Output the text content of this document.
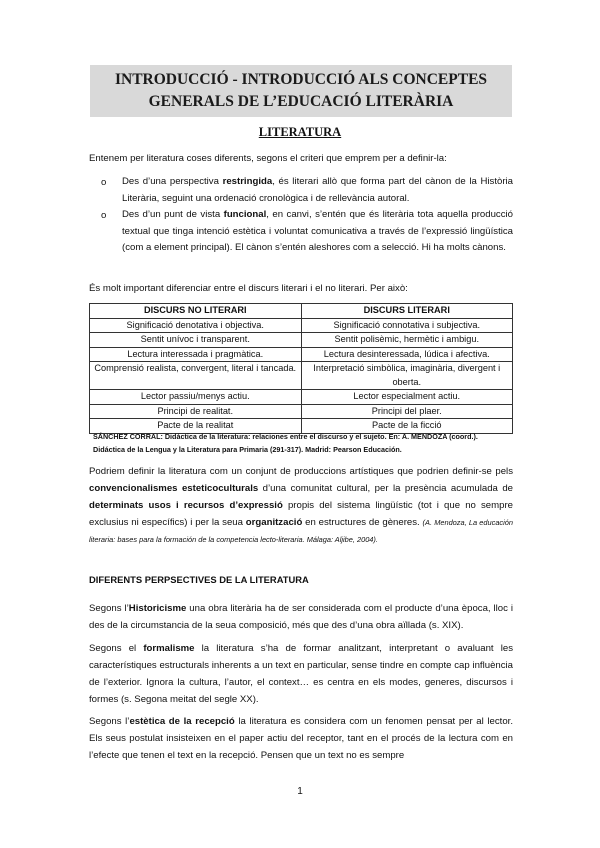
INTRODUCCIÓ - INTRODUCCIÓ ALS CONCEPTES
GENERALS DE L’EDUCACIÓ LITERÀRIA
LITERATURA
Entenem per literatura coses diferents, segons el criteri que emprem per a definir-la:
o Des d’una perspectiva restringida, és literari allò que forma part del cànon de la Història Literària, seguint una ordenació cronològica i de rellevància autoral.
o Des d’un punt de vista funcional, en canvi, s’entén que és literària tota aquella producció textual que tinga intenció estètica i voluntat comunicativa a través de l’expressió lingüística (com a element principal). El cànon s’entén aleshores com a selecció. Hi ha molts cànons.
És molt important diferenciar entre el discurs literari i el no literari. Per això:
DISCURS NO LITERARI	DISCURS LITERARI
Significació denotativa i objectiva.	Significació connotativa i subjectiva.
Sentit unívoc i transparent.	Sentit polisèmic, hermètic i ambigu.
Lectura interessada i pragmàtica.	Lectura desinteressada, lúdica i afectiva.
Comprensió realista, convergent, literal i tancada.	Interpretació simbòlica, imaginària, divergent i oberta.
Lector passiu/menys actiu.	Lector especialment actiu.
Principi de realitat.	Principi del plaer.
Pacte de la realitat	Pacte de la ficció
SÁNCHEZ CORRAL: Didáctica de la literatura: relaciones entre el discurso y el sujeto. En: A. MENDOZA (coord.).
Didáctica de la Lengua y la Literatura para Primaria (291-317). Madrid: Pearson Educación.
Podriem definir la literatura com un conjunt de produccions artístiques que podrien definir-se pels convencionalismes esteticoculturals d’una comunitat cultural, per la presència acumulada de determinats usos i recursos d’expressió propis del sistema lingüístic (tot i que no sempre exclusius ni específics) i per la seua organització en estructures de gèneres. (A. Mendoza, La educación literaria: bases para la formación de la competencia lecto-literaria. Málaga: Aljibe, 2004).
DIFERENTS PERPSECTIVES DE LA LITERATURA
Segons l’Historicisme una obra literària ha de ser considerada com el producte d’una època, lloc i des de la circumstancia de la seua composició, més que des d’una obra aïllada (s. XIX).
Segons el formalisme la literatura s’ha de formar analitzant, interpretant o avaluant les característiques estructurals inherents a un text en particular, sense tindre en compte cap influència de l’exterior. Ignora la cultura, l’autor, el context… es centra en els modes, generes, discursos i formes (s. Segona meitat del segle XX).
Segons l’estètica de la recepció la literatura es considera com un fenomen pensat per al lector. Els seus postulat insisteixen en el paper actiu del receptor, tant en el procés de la lectura com en l’efecte que tenen el text en la recepció. Pensen que un text no es sempre
1
